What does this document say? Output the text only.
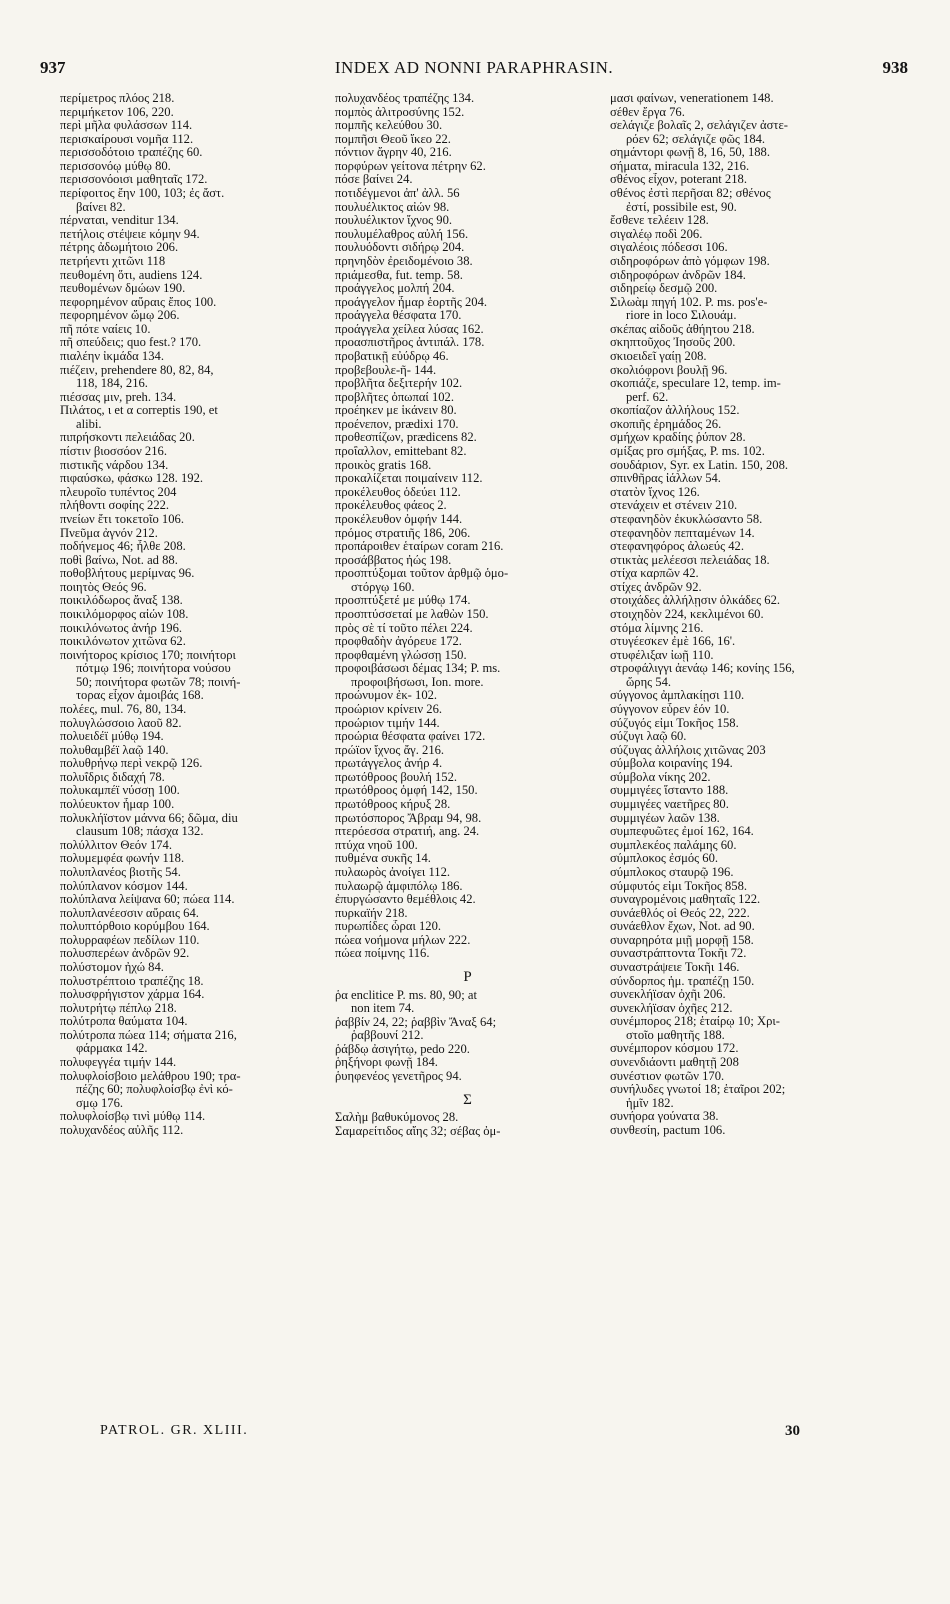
937	INDEX AD NONNI PARAPHRASIN.	938
περίμετρος πλόος 218.
περιμήκετον 106, 220.
περὶ μῆλα φυλάσσων 114.
περισκαίρουσι νομῆα 112.
περισσοδότοιο τραπέζης 60.
περισσονόῳ μύθῳ 80.
περισσονόοισι μαθηταῖς 172.
περίφοιτος ἔην 100, 103; ἐς ἄστ.
βαίνει 82.
πέρναται, venditur 134.
πετήλοις στέψειε κόμην 94.
πέτρης ἀδωμήτοιο 206.
πετρήεντι χιτῶνι 118
πευθομένη ὅτι, audiens 124.
πευθομένων δμώων 190.
πεφορημένον αὔραις ἔπος 100.
πεφορημένον ὤμῳ 206.
πῆ πότε ναίεις 10.
πῆ σπεύδεις; quo fest.? 170.
πιαλέην ἰκμάδα 134.
πιέζειν, prehendere 80, 82, 84,
118, 184, 216.
πιέσσας μιν, preh. 134.
Πιλάτος, ι et α correptis 190, et
alibi.
πιπρήσκοντι πελειάδας 20.
πίστιν βιοσσόον 216.
πιστικῆς νάρδου 134.
πιφαύσκω, φάσκω 128. 192.
πλευροῖο τυπέντος 204
πλήθοντι σοφίης 222.
πνείων ἔτι τοκετοῖο 106.
Πνεῦμα ἀγνόν 212.
ποδήνεμος 46; ἦλθε 208.
ποθὶ βαίνω, Not. ad 88.
ποθοβλήτους μερίμνας 96.
ποιητὸς Θεός 96.
ποικιλόδωρος ἄναξ 138.
ποικιλόμορφος αἰών 108.
ποικιλόνωτος ἀνήρ 196.
ποικιλόνωτον χιτῶνα 62.
ποινήτορος κρίσιος 170; ποινήτορι
πότμῳ 196; ποινήτορα νούσου
50; ποινήτορα φωτῶν 78; ποινή-
τορας εἶχον ἀμοιβάς 168.
πολέες, mul. 76, 80, 134.
πολυγλώσσοιο λαοῦ 82.
πολυειδέϊ μύθῳ 194.
πολυθαμβέϊ λαῷ 140.
πολυθρήνῳ περὶ νεκρῷ 126.
πολυΐδρις διδαχή 78.
πολυκαμπέϊ νύσσῃ 100.
πολύευκτον ἦμαρ 100.
πολυκλήϊστον μάννα 66; δῶμα, diu
clausum 108; πάσχα 132.
πολύλλιτον Θεόν 174.
πολυμεμφέα φωνήν 118.
πολυπλανέος βιοτῆς 54.
πολύπλανον κόσμον 144.
πολύπλανα λείψανα 60; πώεα 114.
πολυπλανέεσσιν αὔραις 64.
πολυπτόρθοιο κορύμβου 164.
πολυρραφέων πεδίλων 110.
πολυσπερέων ἀνδρῶν 92.
πολύστομον ἠχώ 84.
πολυστρέπτοιο τραπέζης 18.
πολυσφρήγιστον χάρμα 164.
πολυτρήτῳ πέπλῳ 218.
πολύτροπα θαύματα 104.
πολύτροπα πώεα 114; σήματα 216,
φάρμακα 142.
πολυφεγγέα τιμήν 144.
πολυφλοίσβοιο μελάθρου 190; τρα-
πέζης 60; πολυφλοίσβῳ ἐνὶ κό-
σμῳ 176.
πολυφλοίσβῳ τινὶ μύθῳ 114.
πολυχανδέος αὐλῆς 112.
πολυχανδέος τραπέζης 134.
πομπὸς ἀλιτροσύνης 152.
πομπῆς κελεύθου 30.
πομπῆσι Θεοῦ ἵκεο 22.
πόντιον ἄγρην 40, 216.
πορφύρων γείτονα πέτρην 62.
πόσε βαίνει 24.
ποτιδέγμενοι ἀπ' ἀλλ. 56
πουλυέλικτος αἰών 98.
πουλυέλικτον ἴχνος 90.
πουλυμέλαθρος αὐλή 156.
πουλυόδοντι σιδήρῳ 204.
πρηνηδὸν ἐρειδομένοιο 38.
πριάμεσθα, fut. temp. 58.
προάγγελος μολπή 204.
προάγγελον ἦμαρ ἑορτῆς 204.
προάγγελα θέσφατα 170.
προάγγελα χείλεα λύσας 162.
προασπιστῆρος ἀντιπάλ. 178.
προβατικῇ εὐύδρῳ 46.
προβεβουλε-ῆ- 144.
προβλῆτα δεξιτερήν 102.
προβλῆτες ὀπωπαί 102.
προέηκεν με ἱκάνειν 80.
προένεπον, prædixi 170.
προθεσπίζων, prædicens 82.
προΐαλλον, emittebant 82.
προικὸς gratis 168.
προκαλίζεται ποιμαίνειν 112.
προκέλευθος ὁδεύει 112.
προκέλευθος φάεος 2.
προκέλευθον ὀμφήν 144.
πρόμος στρατιῆς 186, 206.
προπάροιθεν ἑταίρων coram 216.
προσάββατος ἠώς 198.
προσπτύξομαι τοῦτον ἀρθμῷ ὁμο-
στόργῳ 160.
προσπτύξετέ με μύθῳ 174.
προσπτύσσεταί με λαθὼν 150.
πρὸς σὲ τί τοῦτο πέλει 224.
προφθαδὴν ἀγόρευε 172.
προφθαμένη γλώσσῃ 150.
προφοιβάσωσι δέμας 134; P. ms.
προφοιβήσωσι, Ion. more.
προώνυμον ἐκ- 102.
προώριον κρίνειν 26.
προώριον τιμήν 144.
προώρια θέσφατα φαίνει 172.
πρώϊον ἴχνος ἄγ. 216.
πρωτάγγελος ἀνήρ 4.
πρωτόθροος βουλή 152.
πρωτόθροος ὀμφή 142, 150.
πρωτόθροος κήρυξ 28.
πρωτόσπορος Ἄβραμ 94, 98.
πτερόεσσα στρατιή, ang. 24.
πτύχα νηοῦ 100.
πυθμένα συκῆς 14.
πυλαωρὸς ἀνοίγει 112.
πυλαωρῷ ἀμφιπόλῳ 186.
ἐπυργώσαντο θεμέθλοις 42.
πυρκαϊήν 218.
πυρωπίδες ὧραι 120.
πώεα νοήμονα μήλων 222.
πώεα ποίμνης 116.
Ρ
ῥα enclitice P. ms. 80, 90; at
non item 74.
ῥαββίν 24, 22; ῥαββὶν Ἄναξ 64;
ῥαββουνί 212.
ῥάβδῳ ἀσιγήτῳ, pedo 220.
ῥηξήνορι φωνῇ 184.
ῥυηφενέος γενετῆρος 94.
Σ
Σαλὴμ βαθυκύμονος 28.
Σαμαρείτιδος αἴης 32; σέβας ὀμ-
μασι φαίνων, venerationem 148.
σέθεν ἔργα 76.
σελάγιζε βολαῖς 2, σελάγιζεν ἀστε-
ρόεν 62; σελάγιζε φῶς 184.
σημάντορι φωνῇ 8, 16, 50, 188.
σήματα, miracula 132, 216.
σθένος εἶχον, poterant 218.
σθένος ἐστὶ περῆσαι 82; σθένος
ἐστί, possibile est, 90.
ἔσθενε τελέειν 128.
σιγαλέῳ ποδὶ 206.
σιγαλέοις πόδεσσι 106.
σιδηροφόρων ἀπὸ γόμφων 198.
σιδηροφόρων ἀνδρῶν 184.
σιδηρείῳ δεσμῷ 200.
Σιλωὰμ πηγή 102. P. ms. pos'e-
riore in loco Σιλουάμ.
σκέπας αἰδοῦς ἀθήητου 218.
σκηπτοῦχος Ἰησοῦς 200.
σκιοειδεῖ γαίῃ 208.
σκολιόφρονι βουλῇ 96.
σκοπιάζε, speculare 12, temp. im-
perf. 62.
σκοπίαζον ἀλλήλους 152.
σκοπιῆς ἐρημάδος 26.
σμήχων κραδίης ῥύπον 28.
σμίξας pro σμήξας, P. ms. 102.
σουδάριον, Syr. ex Latin. 150, 208.
σπινθῆρας ἰάλλων 54.
στατὸν ἴχνος 126.
στενάχειν et στένειν 210.
στεφανηδὸν ἐκυκλώσαντο 58.
στεφανηδὸν πεπταμένων 14.
στεφανηφόρος ἀλωεύς 42.
στικτὰς μελέεσσι πελειάδας 18.
στίχα καρπῶν 42.
στίχες ἀνδρῶν 92.
στοιχάδες ἀλλήλῃσιν ὁλκάδες 62.
στοιχηδὸν 224, κεκλιμένοι 60.
στόμα λίμνης 216.
στυγέεσκεν ἐμὲ 166, 16'.
στυφέλιξαν ἰωῇ 110.
στροφάλιγγι ἀενάῳ 146; κονίης 156,
ὥρης 54.
σύγγονος ἀμπλακίῃσι 110.
σύγγονον εὗρεν ἑόν 10.
σύζυγός εἰμι Τοκῆος 158.
σύζυγι λαῷ 60.
σύζυγας ἀλλήλοις χιτῶνας 203
σύμβολα κοιρανίης 194.
σύμβολα νίκης 202.
συμμιγέες ἵσταντο 188.
συμμιγέες ναετῆρες 80.
συμμιγέων λαῶν 138.
συμπεφυῶτες ἐμοί 162, 164.
συμπλεκέος παλάμης 60.
σύμπλοκος ἐσμός 60.
σύμπλοκος σταυρῷ 196.
σύμφυτός εἰμι Τοκῆος 858.
συναγρομένοις μαθηταῖς 122.
συνάεθλός οἱ Θεός 22, 222.
συνάεθλον ἔχων, Not. ad 90.
συναρηρότα μιῇ μορφῇ 158.
συναστράπτοντα Τοκῆι 72.
συναστράψειε Τοκῆι 146.
σύνδορπος ἡμ. τραπέζῃ 150.
συνεκλήϊσαν ὀχῆι 206.
συνεκλήϊσαν ὀχῆες 212.
συνέμπορος 218; ἑταίρῳ 10; Χρι-
στοῖο μαθητῆς 188.
συνέμπορον κόσμου 172.
συνενδιάοντι μαθητῇ 208
συνέστιον φωτῶν 170.
συνήλυδες γνωτοί 18; ἑταῖροι 202;
ἡμῖν 182.
συνήορα γούνατα 38.
συνθεσίη, pactum 106.
PATROL. GR. XLIII.	30
